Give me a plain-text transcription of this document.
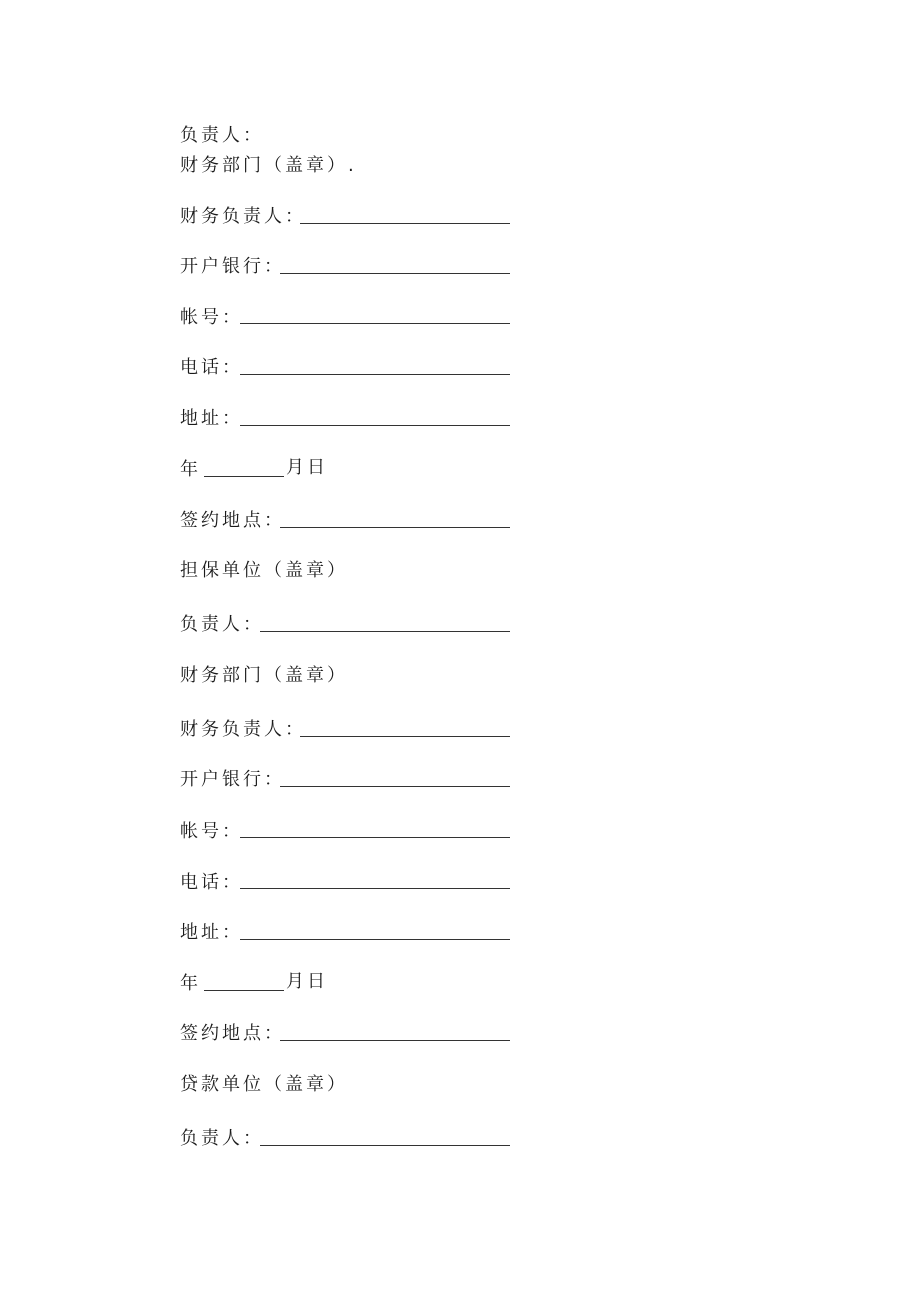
负责人：
财务部门（盖章）.
财务负责人：
开户银行：
帐号：
电话：
地址：
年	月日
签约地点：
担保单位（盖章）
负责人：
财务部门（盖章）
财务负责人：
开户银行：
帐号：
电话：
地址：
年	月日
签约地点：
贷款单位（盖章）
负责人：
